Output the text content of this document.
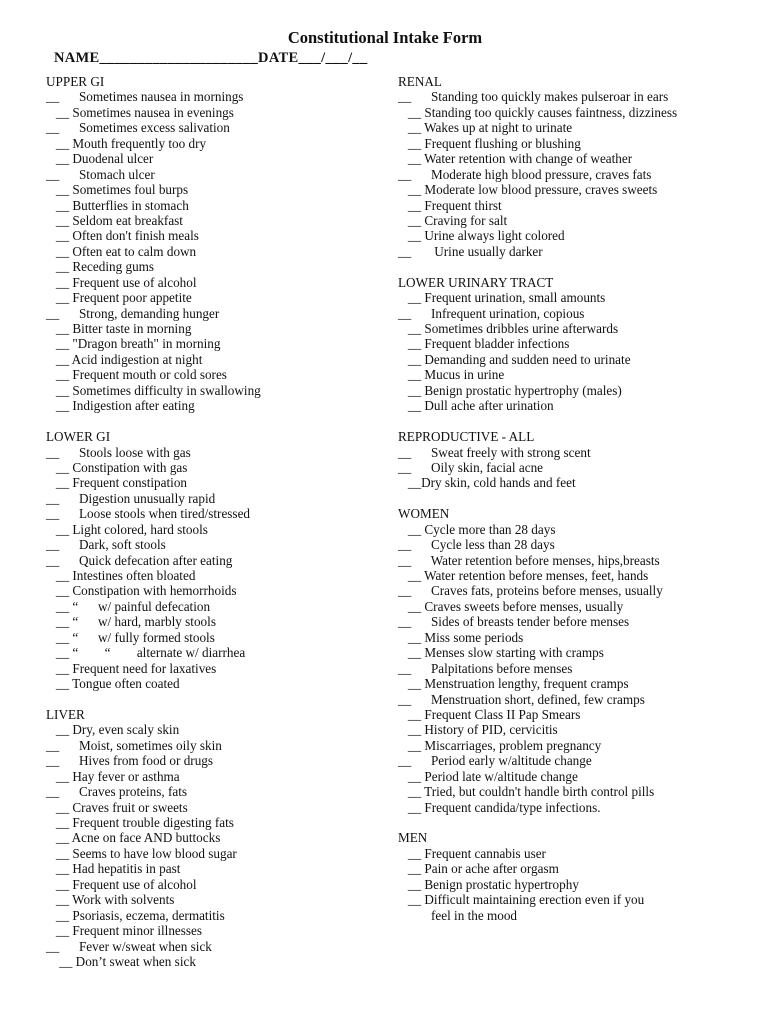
Constitutional Intake Form
NAME_____________________DATE___/___/__
UPPER GI
__      Sometimes nausea in mornings
__ Sometimes nausea in evenings
__      Sometimes excess salivation
__ Mouth frequently too dry
__ Duodenal ulcer
__      Stomach ulcer
__ Sometimes foul burps
__ Butterflies in stomach
__ Seldom eat breakfast
__ Often don't finish meals
__ Often eat to calm down
__ Receding gums
__ Frequent use of alcohol
__ Frequent poor appetite
__      Strong, demanding hunger
__ Bitter taste in morning
__ "Dragon breath" in morning
__ Acid indigestion at night
__ Frequent mouth or cold sores
__ Sometimes difficulty in swallowing
__ Indigestion after eating
LOWER GI
__      Stools loose with gas
__ Constipation with gas
__ Frequent constipation
__      Digestion unusually rapid
__      Loose stools when tired/stressed
__ Light colored, hard stools
__      Dark, soft stools
__      Quick defecation after eating
__ Intestines often bloated
__ Constipation with hemorrhoids
__ “      w/ painful defecation
__ “      w/ hard, marbly stools
__ “      w/ fully formed stools
__ “        “        alternate w/ diarrhea
__ Frequent need for laxatives
__ Tongue often coated
LIVER
__ Dry, even scaly skin
__      Moist, sometimes oily skin
__      Hives from food or drugs
__ Hay fever or asthma
__      Craves proteins, fats
__ Craves fruit or sweets
__ Frequent trouble digesting fats
__ Acne on face AND buttocks
__ Seems to have low blood sugar
__ Had hepatitis in past
__ Frequent use of alcohol
__ Work with solvents
__ Psoriasis, eczema, dermatitis
__ Frequent minor illnesses
__      Fever w/sweat when sick
__ Don’t sweat when sick
RENAL
__      Standing too quickly makes pulseroar in ears
__ Standing too quickly causes faintness, dizziness
__ Wakes up at night to urinate
__ Frequent flushing or blushing
__ Water retention with change of weather
__      Moderate high blood pressure, craves fats
__ Moderate low blood pressure, craves sweets
__ Frequent thirst
__ Craving for salt
__ Urine always light colored
__       Urine usually darker
LOWER URINARY TRACT
__ Frequent urination, small amounts
__      Infrequent urination, copious
__ Sometimes dribbles urine afterwards
__ Frequent bladder infections
__ Demanding and sudden need to urinate
__ Mucus in urine
__ Benign prostatic hypertrophy (males)
__ Dull ache after urination
REPRODUCTIVE - ALL
__      Sweat freely with strong scent
__      Oily skin, facial acne
__Dry skin, cold hands and feet
WOMEN
__ Cycle more than 28 days
__      Cycle less than 28 days
__      Water retention before menses, hips,breasts
__ Water retention before menses, feet, hands
__      Craves fats, proteins before menses, usually
__ Craves sweets before menses, usually
__      Sides of breasts tender before menses
__ Miss some periods
__ Menses slow starting with cramps
__      Palpitations before menses
__ Menstruation lengthy, frequent cramps
__      Menstruation short, defined, few cramps
__ Frequent Class II Pap Smears
__ History of PID, cervicitis
__ Miscarriages, problem pregnancy
__      Period early w/altitude change
__ Period late w/altitude change
__ Tried, but couldn't handle birth control pills
__ Frequent candida/type infections.
MEN
__ Frequent cannabis user
__ Pain or ache after orgasm
__ Benign prostatic hypertrophy
__ Difficult maintaining erection even if you
feel in the mood
